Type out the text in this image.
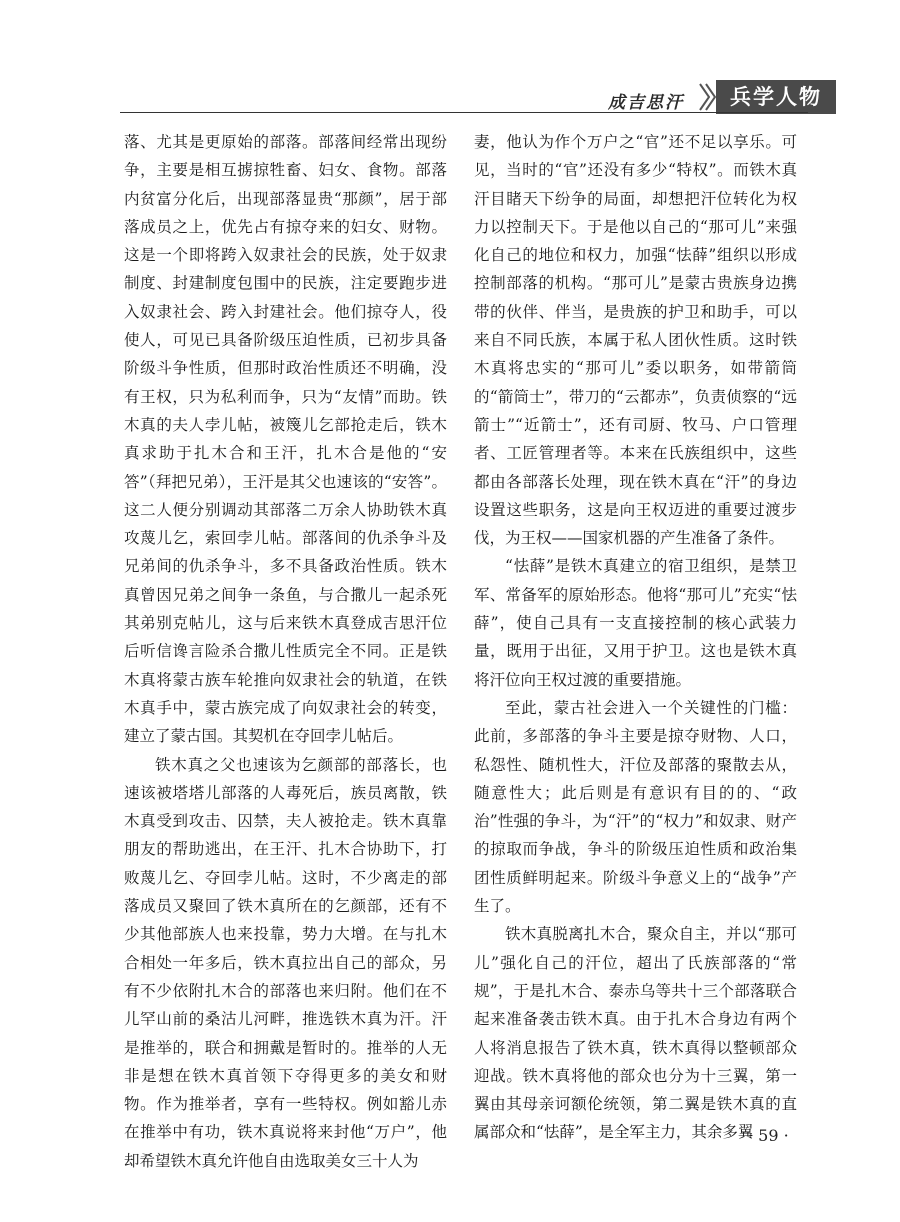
成吉思汗	兵学人物

落、尤其是更原始的部落。部落间经常出现纷争，主要是相互掳掠牲畜、妇女、食物。部落内贫富分化后，出现部落显贵“那颜”，居于部落成员之上，优先占有掠夺来的妇女、财物。这是一个即将跨入奴隶社会的民族，处于奴隶制度、封建制度包围中的民族，注定要跑步进入奴隶社会、跨入封建社会。他们掠夺人，役使人，可见已具备阶级压迫性质，已初步具备阶级斗争性质，但那时政治性质还不明确，没有王权，只为私利而争，只为“友情”而助。铁木真的夫人孛儿帖，被篾儿乞部抢走后，铁木真求助于扎木合和王汗，扎木合是他的“安答”（拜把兄弟），王汗是其父也速该的“安答”。这二人便分别调动其部落二万余人协助铁木真攻蔑儿乞，索回孛儿帖。部落间的仇杀争斗及兄弟间的仇杀争斗，多不具备政治性质。铁木真曾因兄弟之间争一条鱼，与合撒儿一起杀死其弟别克帖儿，这与后来铁木真登成吉思汗位后听信谗言险杀合撒儿性质完全不同。正是铁木真将蒙古族车轮推向奴隶社会的轨道，在铁木真手中，蒙古族完成了向奴隶社会的转变，建立了蒙古国。其契机在夺回孛儿帖后。

铁木真之父也速该为乞颜部的部落长，也速该被塔塔儿部落的人毒死后，族员离散，铁木真受到攻击、囚禁，夫人被抢走。铁木真靠朋友的帮助逃出，在王汗、扎木合协助下，打败蔑儿乞、夺回孛儿帖。这时，不少离走的部落成员又聚回了铁木真所在的乞颜部，还有不少其他部族人也来投靠，势力大增。在与扎木合相处一年多后，铁木真拉出自己的部众，另有不少依附扎木合的部落也来归附。他们在不儿罕山前的桑沽儿河畔，推选铁木真为汗。汗是推举的，联合和拥戴是暂时的。推举的人无非是想在铁木真首领下夺得更多的美女和财物。作为推举者，享有一些特权。例如豁儿赤在推举中有功，铁木真说将来封他“万户”，他却希望铁木真允许他自由选取美女三十人为

妻，他认为作个万户之“官”还不足以享乐。可见，当时的“官”还没有多少“特权”。而铁木真汗目睹天下纷争的局面，却想把汗位转化为权力以控制天下。于是他以自己的“那可儿”来强化自己的地位和权力，加强“怯薛”组织以形成控制部落的机构。“那可儿”是蒙古贵族身边携带的伙伴、伴当，是贵族的护卫和助手，可以来自不同氏族，本属于私人团伙性质。这时铁木真将忠实的“那可儿”委以职务，如带箭筒的“箭筒士”，带刀的“云都赤”，负责侦察的“远箭士”“近箭士”，还有司厨、牧马、户口管理者、工匠管理者等。本来在氏族组织中，这些都由各部落长处理，现在铁木真在“汗”的身边设置这些职务，这是向王权迈进的重要过渡步伐，为王权——国家机器的产生准备了条件。

“怯薛”是铁木真建立的宿卫组织，是禁卫军、常备军的原始形态。他将“那可儿”充实“怯薛”，使自己具有一支直接控制的核心武装力量，既用于出征，又用于护卫。这也是铁木真将汗位向王权过渡的重要措施。

至此，蒙古社会进入一个关键性的门槛：此前，多部落的争斗主要是掠夺财物、人口，私怨性、随机性大，汗位及部落的聚散去从，随意性大；此后则是有意识有目的的、“政治”性强的争斗，为“汗”的“权力”和奴隶、财产的掠取而争战，争斗的阶级压迫性质和政治集团性质鲜明起来。阶级斗争意义上的“战争”产生了。

铁木真脱离扎木合，聚众自主，并以“那可儿”强化自己的汗位，超出了氏族部落的“常规”，于是扎木合、泰赤乌等共十三个部落联合起来准备袭击铁木真。由于扎木合身边有两个人将消息报告了铁木真，铁木真得以整顿部众迎战。铁木真将他的部众也分为十三翼，第一翼由其母亲诃额伦统领，第二翼是铁木真的直属部众和“怯薛”，是全军主力，其余多翼

· 59 ·
